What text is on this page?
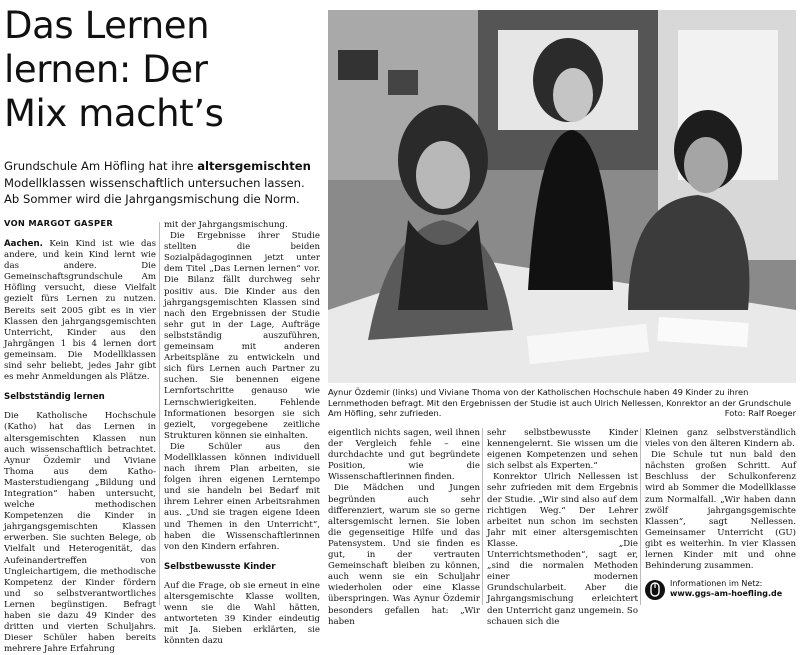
Das Lernen
lernen: Der
Mix macht’s
Grundschule Am Höfling hat ihre altersgemischten Modellklassen wissenschaftlich untersuchen lassen. Ab Sommer wird die Jahrgangsmischung die Norm.
VON MARGOT GASPER

Aachen. Kein Kind ist wie das andere, und kein Kind lernt wie das andere. Die Gemeinschaftsgrundschule Am Höfling versucht, diese Vielfalt gezielt fürs Lernen zu nutzen. Bereits seit 2005 gibt es in vier Klassen den jahrgangsgemischten Unterricht, Kinder aus den Jahrgängen 1 bis 4 lernen dort gemeinsam. Die Modellklassen sind sehr beliebt, jedes Jahr gibt es mehr Anmeldungen als Plätze.

Selbstständig lernen

Die Katholische Hochschule (Katho) hat das Lernen in altersgemischten Klassen nun auch wissenschaftlich betrachtet. Aynur Özdemir und Viviane Thoma aus dem Katho-Masterstudiengang „Bildung und Integration“ haben untersucht, welche methodischen Kompetenzen die Kinder in jahrgangsgemischten Klassen erwerben. Sie suchten Belege, ob Vielfalt und Heterogenität, das Aufeinandertreffen von Ungleichartigem, die methodische Kompetenz der Kinder fördern und so selbstverantwortliches Lernen begünstigen. Befragt haben sie dazu 49 Kinder des dritten und vierten Schuljahrs. Dieser Schüler haben bereits mehrere Jahre Erfahrung

mit der Jahrgangsmischung.

Die Ergebnisse ihrer Studie stellten die beiden Sozialpädagoginnen jetzt unter dem Titel „Das Lernen lernen“ vor. Die Bilanz fällt durchweg sehr positiv aus. Die Kinder aus den jahrgangsgemischten Klassen sind nach den Ergebnissen der Studie sehr gut in der Lage, Aufträge selbstständig auszuführen, gemeinsam mit anderen Arbeitspläne zu entwickeln und sich fürs Lernen auch Partner zu suchen. Sie benennen eigene Lernfortschritte genauso wie Lernschwierigkeiten. Fehlende Informationen besorgen sie sich gezielt, vorgegebene zeitliche Strukturen können sie einhalten.

Die Schüler aus den Modellklassen können individuell nach ihrem Plan arbeiten, sie folgen ihren eigenen Lerntempo und sie handeln bei Bedarf mit ihrem Lehrer einen Arbeitsrahmen aus. „Und sie tragen eigene Ideen und Themen in den Unterricht“, haben die Wissenschaftlerinnen von den Kindern erfahren.

Selbstbewusste Kinder

Auf die Frage, ob sie erneut in eine altersgemischte Klasse wollten, wenn sie die Wahl hätten, antworteten 39 Kinder eindeutig mit Ja. Sieben erklärten, sie könnten dazu

Aynur Özdemir (links) und Viviane Thoma von der Katholischen Hochschule haben 49 Kinder zu ihren Lernmethoden befragt. Mit den Ergebnissen der Studie ist auch Ulrich Nellessen, Konrektor an der Grundschule Am Höfling, sehr zufrieden.	Foto: Ralf Roeger

eigentlich nichts sagen, weil ihnen der Vergleich fehle – eine durchdachte und gut begründete Position, wie die Wissenschaftlerinnen finden.

Die Mädchen und Jungen begründen auch sehr differenziert, warum sie so gerne altersgemischt lernen. Sie loben die gegenseitige Hilfe und das Patensystem. Und sie finden es gut, in der vertrauten Gemeinschaft bleiben zu können, auch wenn sie ein Schuljahr wiederholen oder eine Klasse überspringen. Was Aynur Özdemir besonders gefallen hat: „Wir haben

sehr selbstbewusste Kinder kennengelernt. Sie wissen um die eigenen Kompetenzen und sehen sich selbst als Experten.“

Konrektor Ulrich Nellessen ist sehr zufrieden mit dem Ergebnis der Studie. „Wir sind also auf dem richtigen Weg.“ Der Lehrer arbeitet nun schon im sechsten Jahr mit einer altersgemischten Klasse. „Die Unterrichtsmethoden“, sagt er, „sind die normalen Methoden einer modernen Grundschularbeit. Aber die Jahrgangsmischung erleichtert den Unterricht ganz ungemein. So schauen sich die

Kleinen ganz selbstverständlich vieles von den älteren Kindern ab.

Die Schule tut nun bald den nächsten großen Schritt. Auf Beschluss der Schulkonferenz wird ab Sommer die Modellklasse zum Normalfall. „Wir haben dann zwölf jahrgangsgemischte Klassen“, sagt Nellessen. Gemeinsamer Unterricht (GU) gibt es weiterhin. In vier Klassen lernen Kinder mit und ohne Behinderung zusammen.

Informationen im Netz:
www.ggs-am-hoefling.de
